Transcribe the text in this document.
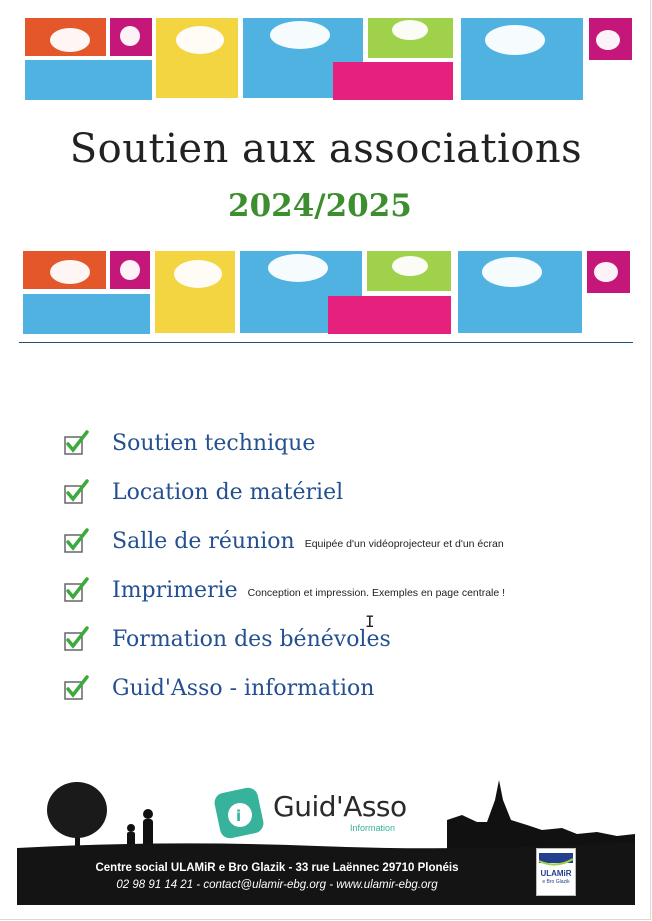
Soutien aux associations
2024/2025
Soutien technique
Location de matériel
Salle de réunion Equipée d'un vidéoprojecteur et d'un écran
Imprimerie Conception et impression. Exemples en page centrale !
Formation des bénévoles
Guid'Asso - information
I
i Guid'Asso
Information
Centre social ULAMiR e Bro Glazik - 33 rue Laënnec 29710 Plonéis
02 98 91 14 21 - contact@ulamir-ebg.org - www.ulamir-ebg.org
ULAMiR
e Bro Glazik
